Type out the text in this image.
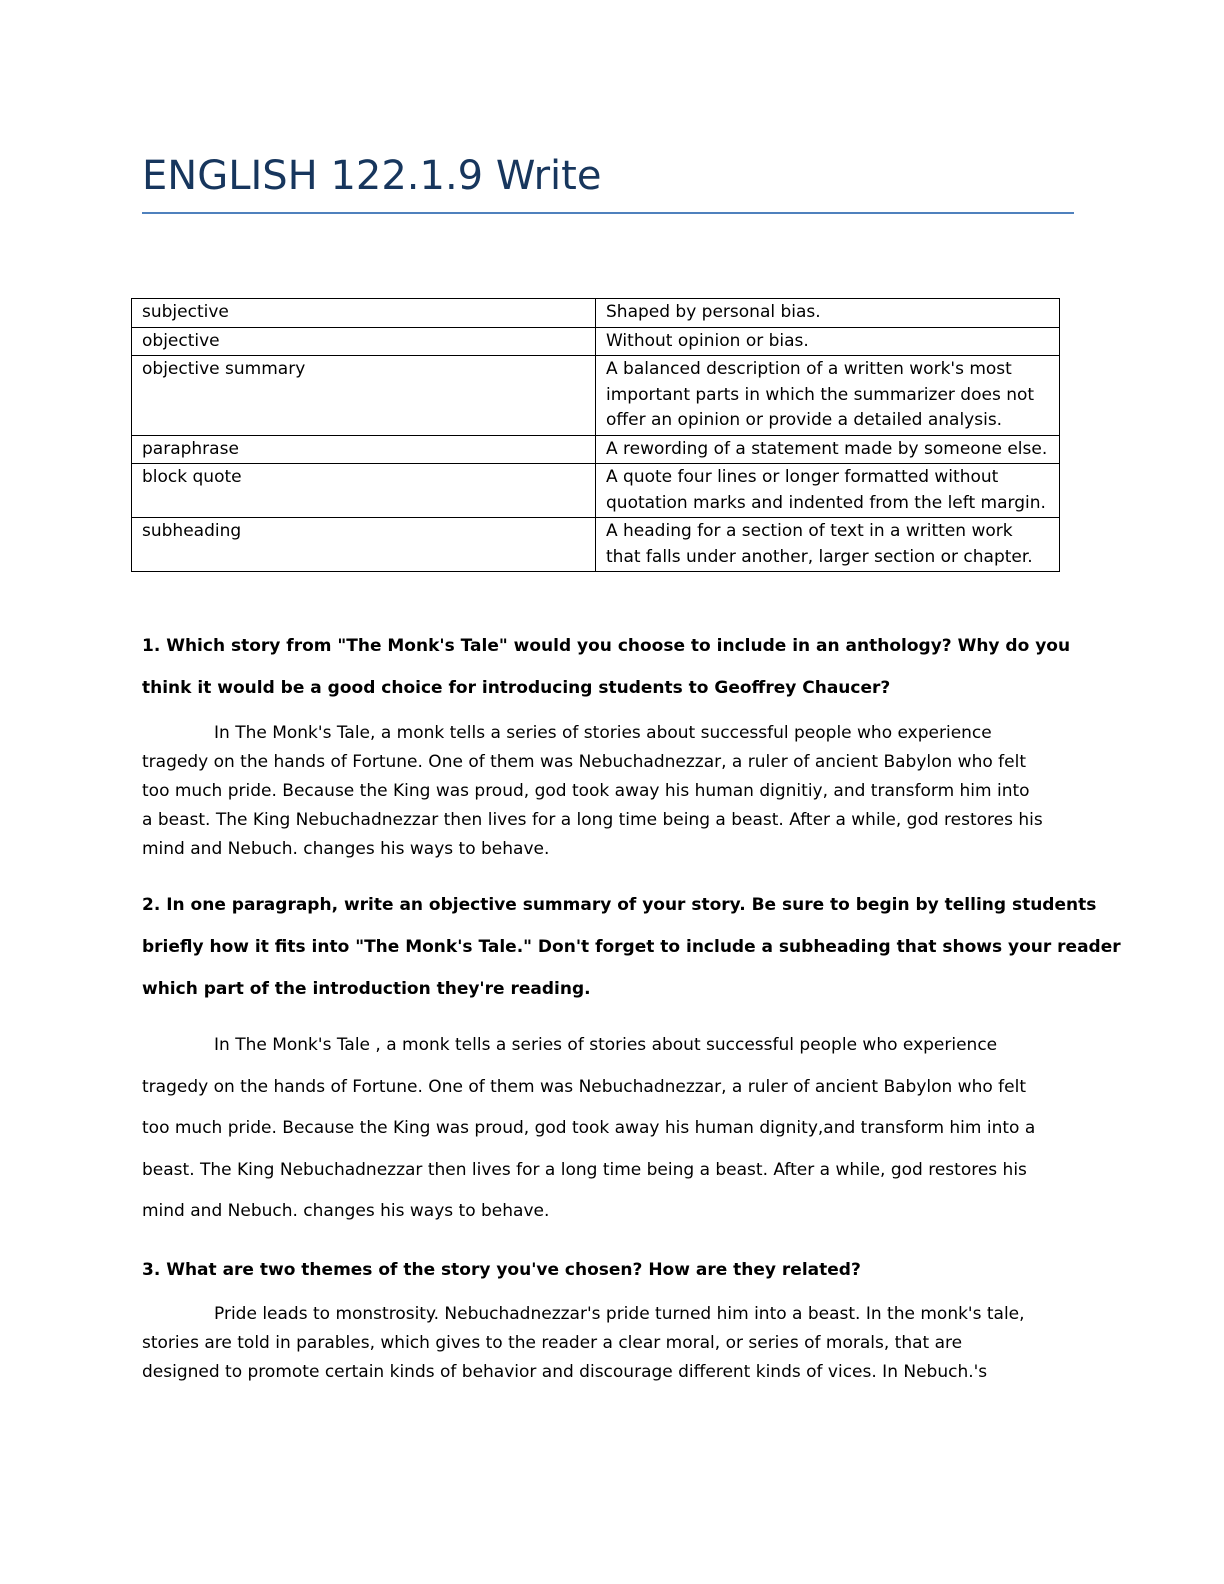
ENGLISH 122.1.9 Write
subjective	Shaped by personal bias.
objective	Without opinion or bias.
objective summary	A balanced description of a written work's most important parts in which the summarizer does not offer an opinion or provide a detailed analysis.
paraphrase	A rewording of a statement made by someone else.
block quote	A quote four lines or longer formatted without quotation marks and indented from the left margin.
subheading	A heading for a section of text in a written work that falls under another, larger section or chapter.
1. Which story from "The Monk's Tale" would you choose to include in an anthology? Why do you
think it would be a good choice for introducing students to Geoffrey Chaucer?
In The Monk's Tale, a monk tells a series of stories about successful people who experience
tragedy on the hands of Fortune. One of them was Nebuchadnezzar, a ruler of ancient Babylon who felt
too much pride. Because the King was proud, god took away his human dignitiy, and transform him into
a beast. The King Nebuchadnezzar then lives for a long time being a beast. After a while, god restores his
mind and Nebuch. changes his ways to behave.
2. In one paragraph, write an objective summary of your story. Be sure to begin by telling students
briefly how it fits into "The Monk's Tale." Don't forget to include a subheading that shows your reader
which part of the introduction they're reading.
In The Monk's Tale , a monk tells a series of stories about successful people who experience
tragedy on the hands of Fortune. One of them was Nebuchadnezzar, a ruler of ancient Babylon who felt
too much pride. Because the King was proud, god took away his human dignity,and transform him into a
beast. The King Nebuchadnezzar then lives for a long time being a beast. After a while, god restores his
mind and Nebuch. changes his ways to behave.
3. What are two themes of the story you've chosen? How are they related?
Pride leads to monstrosity. Nebuchadnezzar's pride turned him into a beast. In the monk's tale,
stories are told in parables, which gives to the reader a clear moral, or series of morals, that are
designed to promote certain kinds of behavior and discourage different kinds of vices. In Nebuch.'s
